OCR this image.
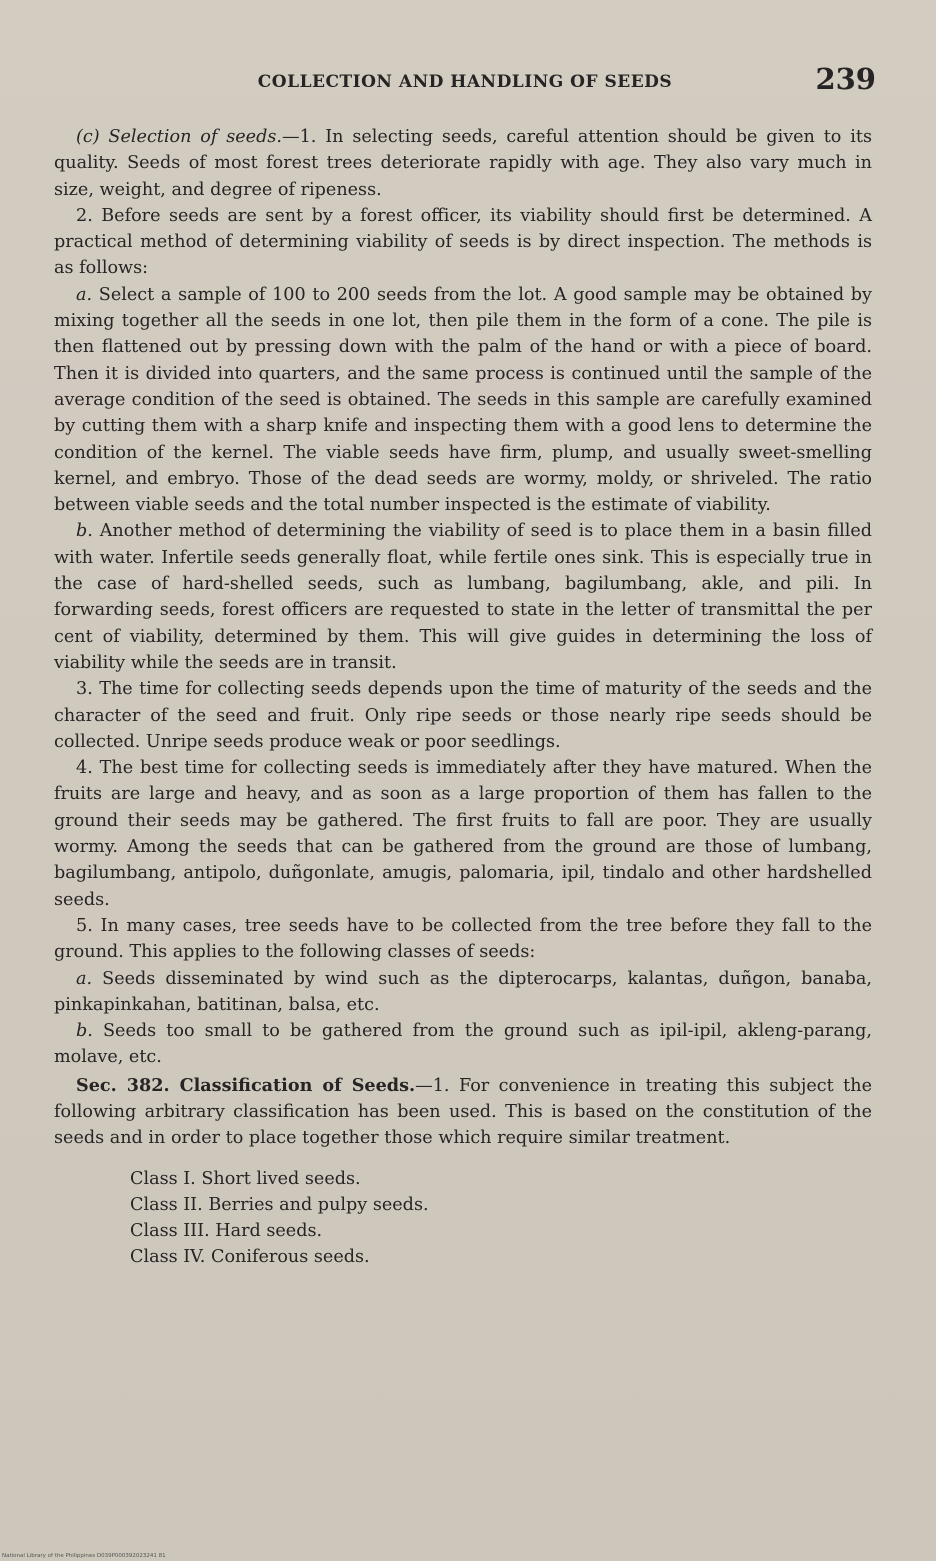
COLLECTION AND HANDLING OF SEEDS	239

(c) Selection of seeds.—1. In selecting seeds, careful attention should be given to its quality. Seeds of most forest trees deteriorate rapidly with age. They also vary much in size, weight, and degree of ripeness.

2. Before seeds are sent by a forest officer, its viability should first be determined. A practical method of determining viability of seeds is by direct inspection. The methods is as follows:

a. Select a sample of 100 to 200 seeds from the lot. A good sample may be obtained by mixing together all the seeds in one lot, then pile them in the form of a cone. The pile is then flattened out by pressing down with the palm of the hand or with a piece of board. Then it is divided into quarters, and the same process is continued until the sample of the average condition of the seed is obtained. The seeds in this sample are carefully examined by cutting them with a sharp knife and inspecting them with a good lens to determine the condition of the kernel. The viable seeds have firm, plump, and usually sweet-smelling kernel, and embryo. Those of the dead seeds are wormy, moldy, or shriveled. The ratio between viable seeds and the total number inspected is the estimate of viability.

b. Another method of determining the viability of seed is to place them in a basin filled with water. Infertile seeds generally float, while fertile ones sink. This is especially true in the case of hard-shelled seeds, such as lumbang, bagilumbang, akle, and pili. In forwarding seeds, forest officers are requested to state in the letter of transmittal the per cent of viability, determined by them. This will give guides in determining the loss of viability while the seeds are in transit.

3. The time for collecting seeds depends upon the time of maturity of the seeds and the character of the seed and fruit. Only ripe seeds or those nearly ripe seeds should be collected. Unripe seeds produce weak or poor seedlings.

4. The best time for collecting seeds is immediately after they have matured. When the fruits are large and heavy, and as soon as a large proportion of them has fallen to the ground their seeds may be gathered. The first fruits to fall are poor. They are usually wormy. Among the seeds that can be gathered from the ground are those of lumbang, bagilumbang, antipolo, duñgonlate, amugis, palomaria, ipil, tindalo and other hardshelled seeds.

5. In many cases, tree seeds have to be collected from the tree before they fall to the ground. This applies to the following classes of seeds:

a. Seeds disseminated by wind such as the dipterocarps, kalantas, duñgon, banaba, pinkapinkahan, batitinan, balsa, etc.

b. Seeds too small to be gathered from the ground such as ipil-ipil, akleng-parang, molave, etc.

Sec. 382. Classification of Seeds.—1. For convenience in treating this subject the following arbitrary classification has been used. This is based on the constitution of the seeds and in order to place together those which require similar treatment.

Class I. Short lived seeds.
Class II. Berries and pulpy seeds.
Class III. Hard seeds.
Class IV. Coniferous seeds.
National Library of the Philippines D039P000392023241 81
